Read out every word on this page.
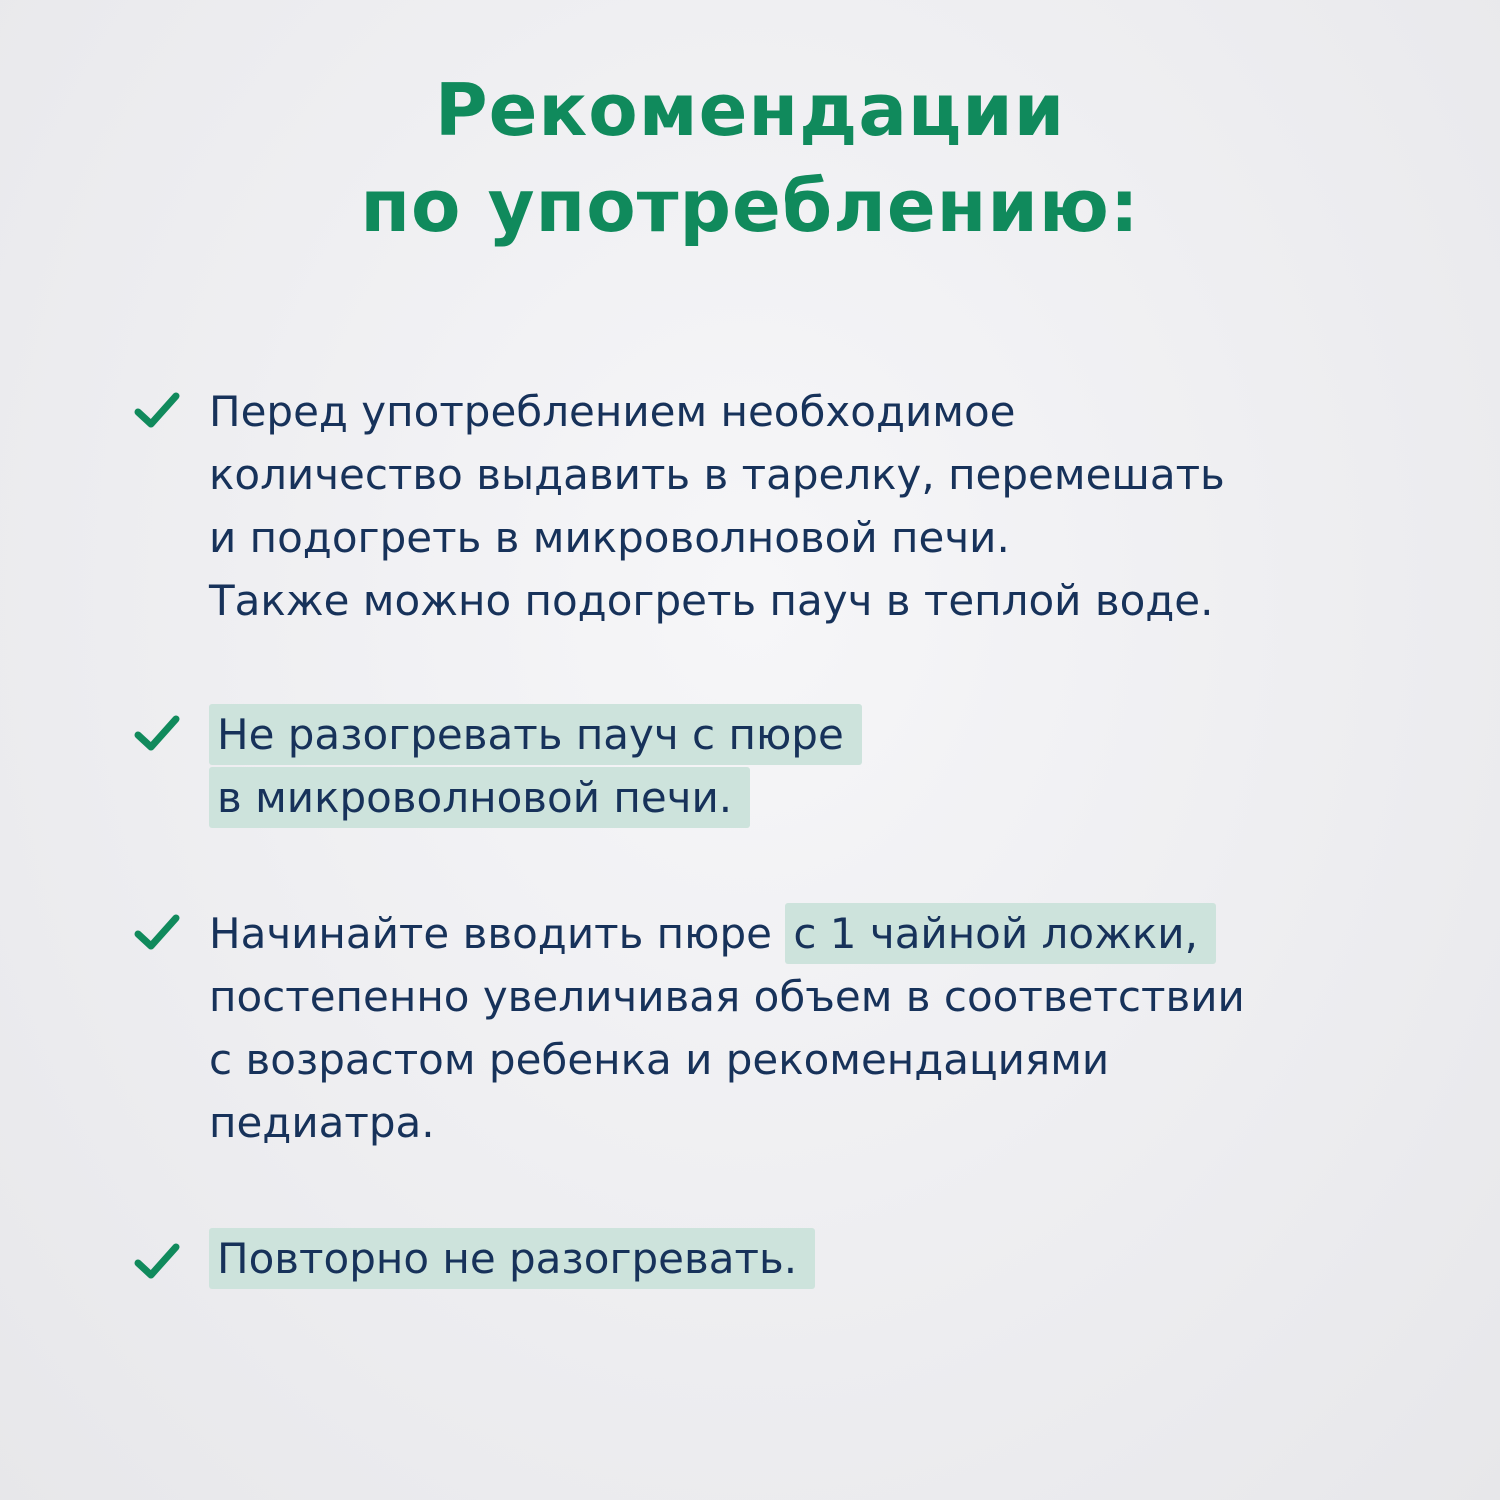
Рекомендации
по употреблению:
Перед употреблением необходимое
количество выдавить в тарелку, перемешать
и подогреть в микроволновой печи.
Также можно подогреть пауч в теплой воде.
Не разогревать пауч с пюре
в микроволновой печи.
Начинайте вводить пюре с 1 чайной ложки,
постепенно увеличивая объем в соответствии
с возрастом ребенка и рекомендациями
педиатра.
Повторно не разогревать.
